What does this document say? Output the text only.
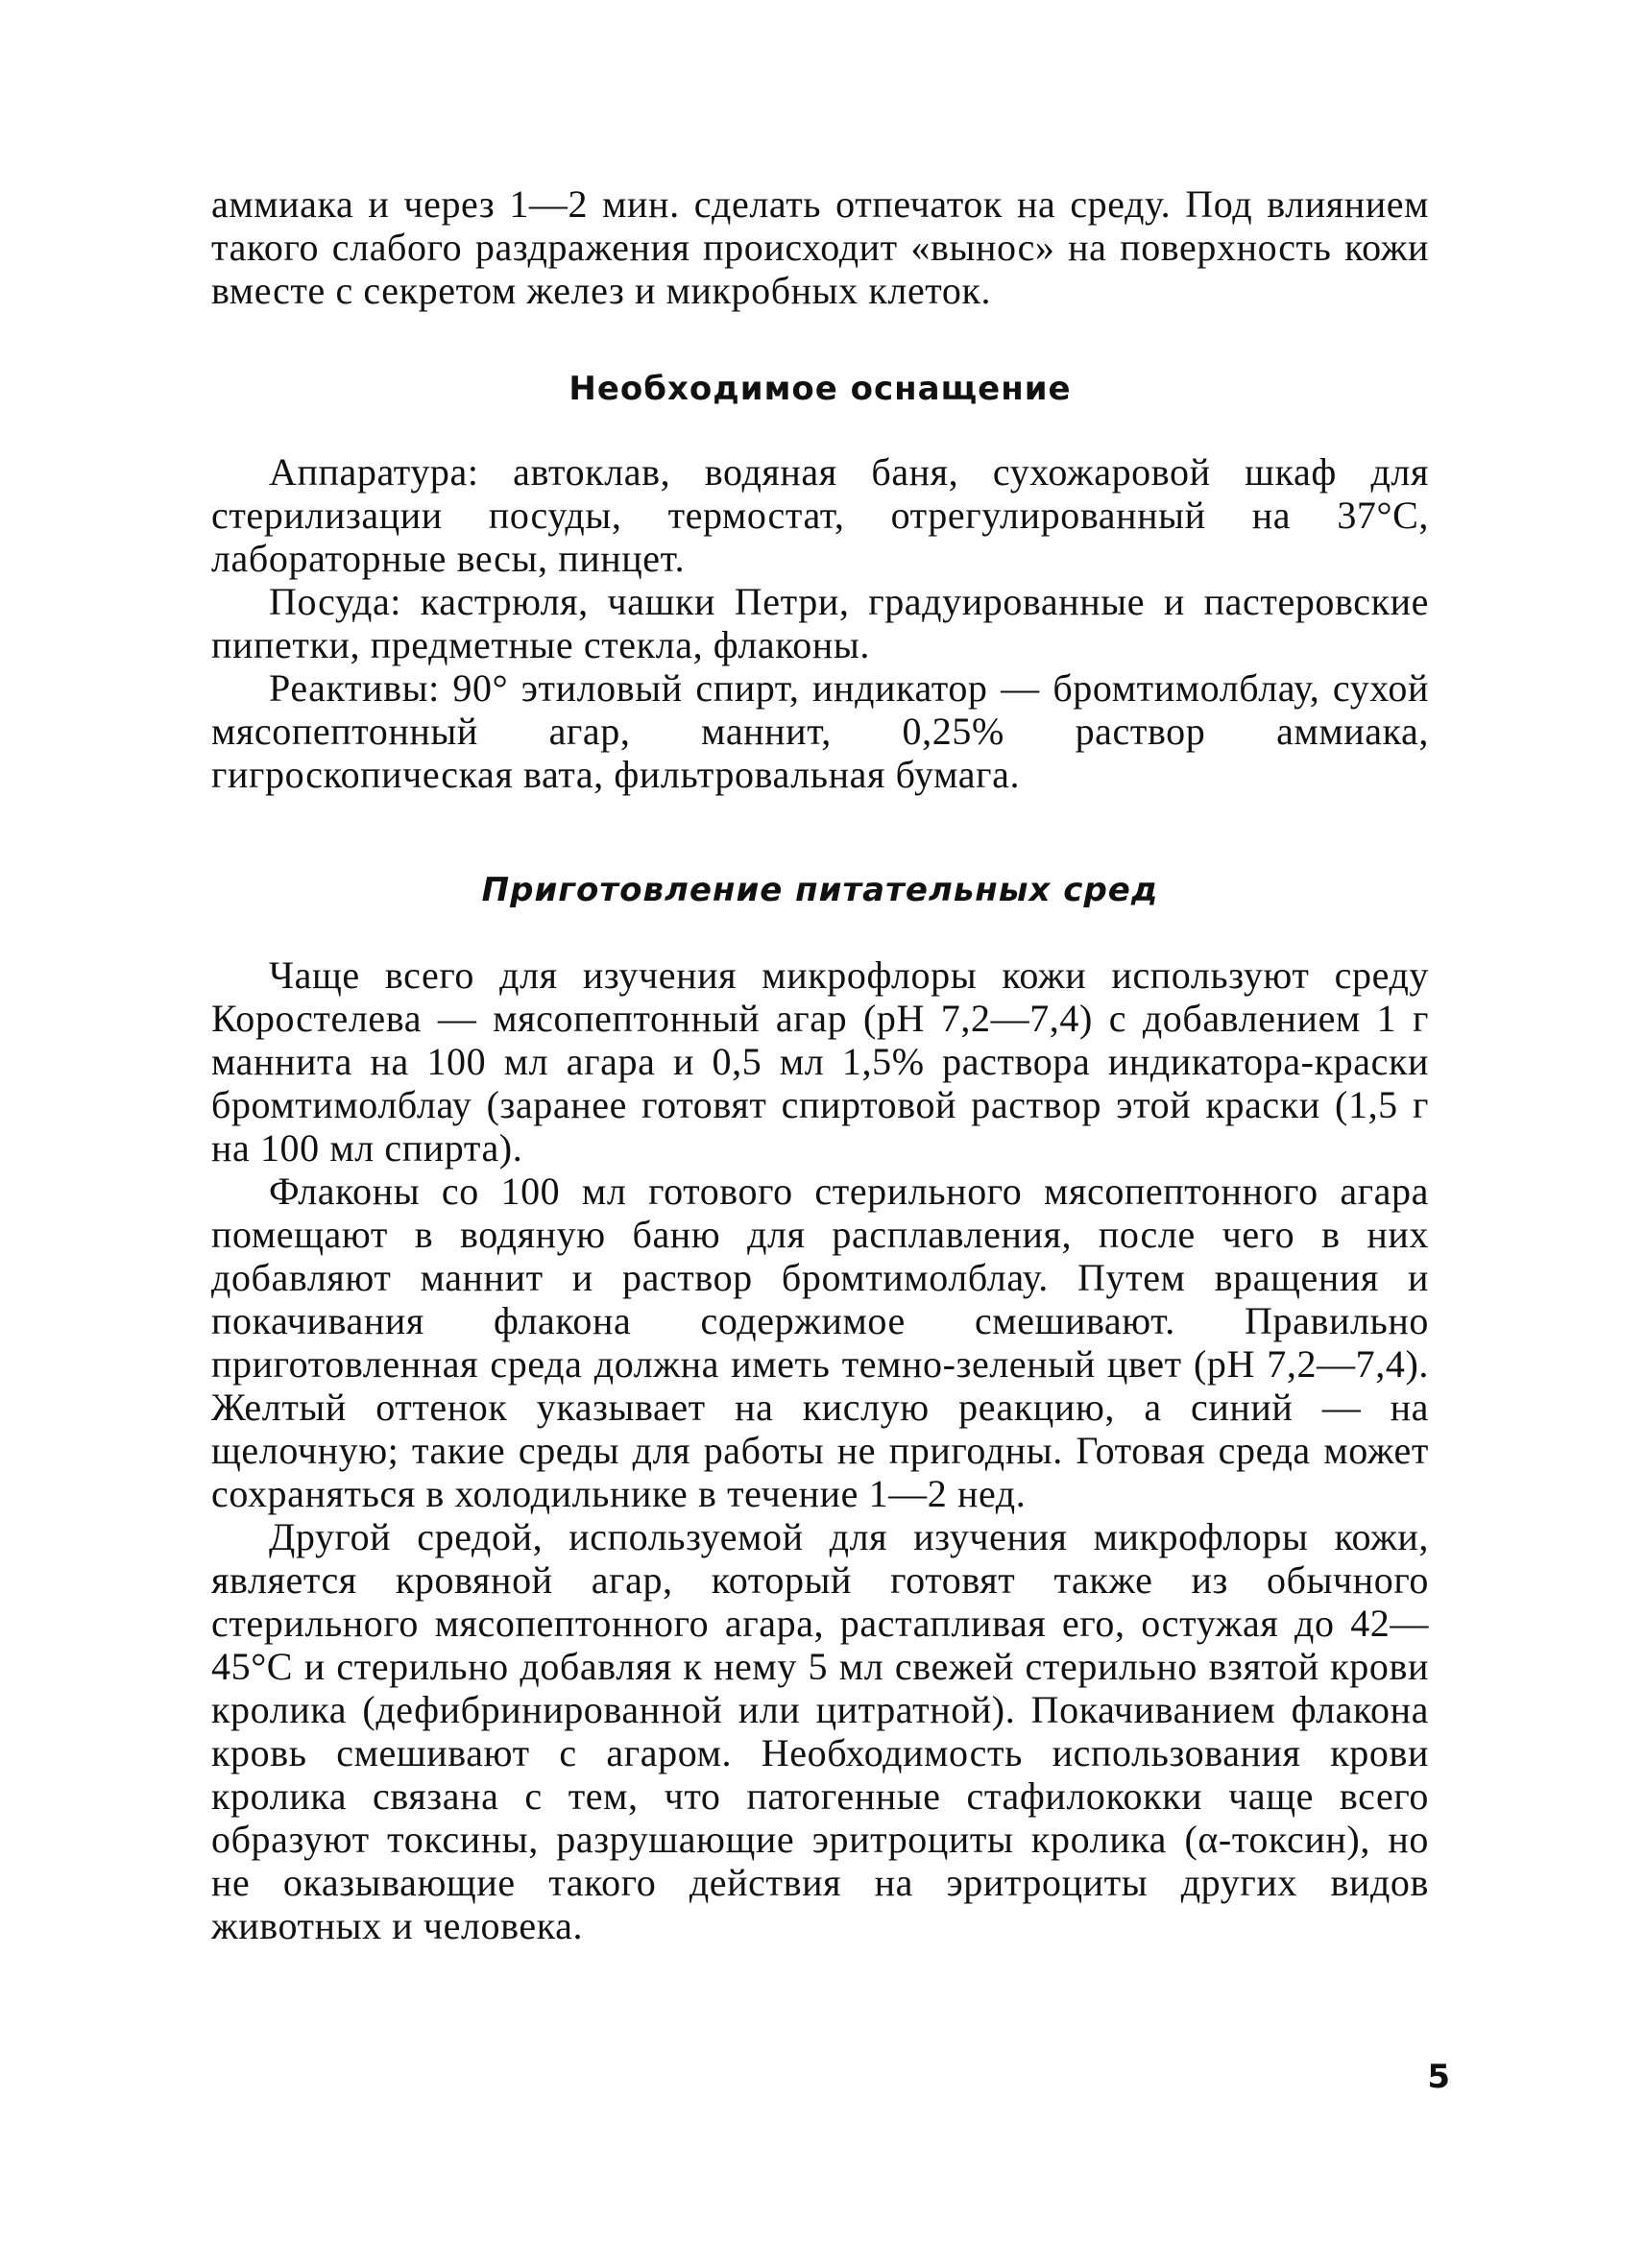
аммиака и через 1—2 мин. сделать отпечаток на среду. Под влиянием такого слабого раздражения происходит «вынос» на поверхность кожи вместе с секретом желез и микробных клеток.

Необходимое оснащение

Аппаратура: автоклав, водяная баня, сухожаровой шкаф для стерилизации посуды, термостат, отрегулированный на 37°С, лабораторные весы, пинцет.

Посуда: кастрюля, чашки Петри, градуированные и пастеровские пипетки, предметные стекла, флаконы.

Реактивы: 90° этиловый спирт, индикатор — бромтимолблау, сухой мясопептонный агар, маннит, 0,25% раствор аммиака, гигроскопическая вата, фильтровальная бумага.

Приготовление питательных сред

Чаще всего для изучения микрофлоры кожи используют среду Коростелева — мясопептонный агар (рН 7,2—7,4) с добавлением 1 г маннита на 100 мл агара и 0,5 мл 1,5% раствора индикатора-краски бромтимолблау (заранее готовят спиртовой раствор этой краски (1,5 г на 100 мл спирта).

Флаконы со 100 мл готового стерильного мясопептонного агара помещают в водяную баню для расплавления, после чего в них добавляют маннит и раствор бромтимолблау. Путем вращения и покачивания флакона содержимое смешивают. Правильно приготовленная среда должна иметь темно-зеленый цвет (рН 7,2—7,4). Желтый оттенок указывает на кислую реакцию, а синий — на щелочную; такие среды для работы не пригодны. Готовая среда может сохраняться в холодильнике в течение 1—2 нед.

Другой средой, используемой для изучения микрофлоры кожи, является кровяной агар, который готовят также из обычного стерильного мясопептонного агара, растапливая его, остужая до 42—45°С и стерильно добавляя к нему 5 мл свежей стерильно взятой крови кролика (дефибринированной или цитратной). Покачиванием флакона кровь смешивают с агаром. Необходимость использования крови кролика связана с тем, что патогенные стафилококки чаще всего образуют токсины, разрушающие эритроциты кролика (α-токсин), но не оказывающие такого действия на эритроциты других видов животных и человека.

5
